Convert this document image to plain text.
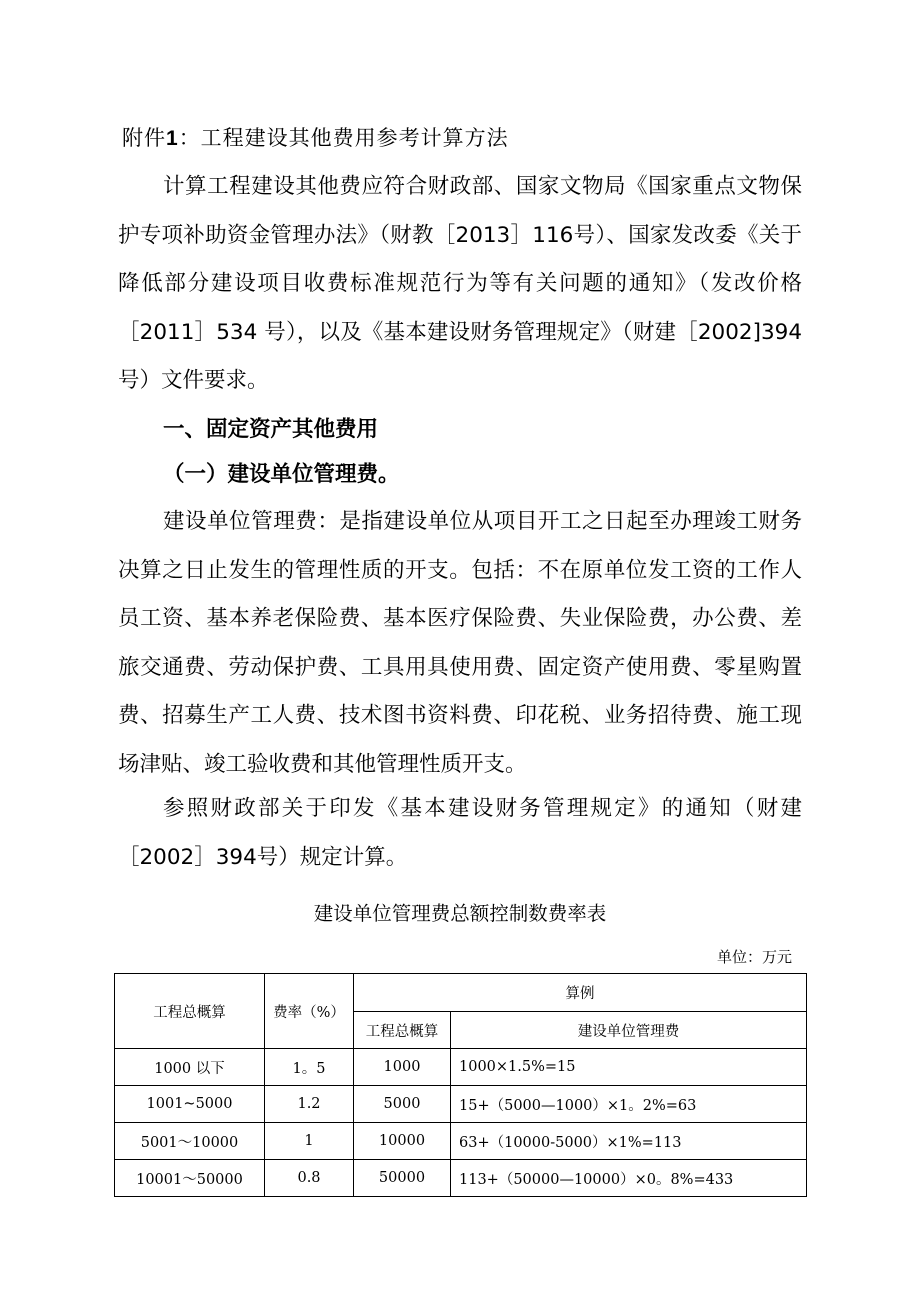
附件1：工程建设其他费用参考计算方法

计算工程建设其他费应符合财政部、国家文物局《国家重点文物保护专项补助资金管理办法》（财教［2013］116号）、国家发改委《关于降低部分建设项目收费标准规范行为等有关问题的通知》（发改价格［2011］534 号），以及《基本建设财务管理规定》（财建［2002]394号）文件要求。

一、固定资产其他费用
（一）建设单位管理费。

建设单位管理费：是指建设单位从项目开工之日起至办理竣工财务决算之日止发生的管理性质的开支。包括：不在原单位发工资的工作人员工资、基本养老保险费、基本医疗保险费、失业保险费，办公费、差旅交通费、劳动保护费、工具用具使用费、固定资产使用费、零星购置费、招募生产工人费、技术图书资料费、印花税、业务招待费、施工现场津贴、竣工验收费和其他管理性质开支。

参照财政部关于印发《基本建设财务管理规定》的通知（财建［2002］394号）规定计算。

建设单位管理费总额控制数费率表
单位：万元
工程总概算	费率（%）	算例	
		工程总概算	建设单位管理费
1000 以下	1。5	1000	1000×1.5%=15
1001~5000	1.2	5000	15+（5000—1000）×1。2%=63
5001～10000	1	10000	63+（10000-5000）×1%=113
10001～50000	0.8	50000	113+（50000—10000）×0。8%=433
